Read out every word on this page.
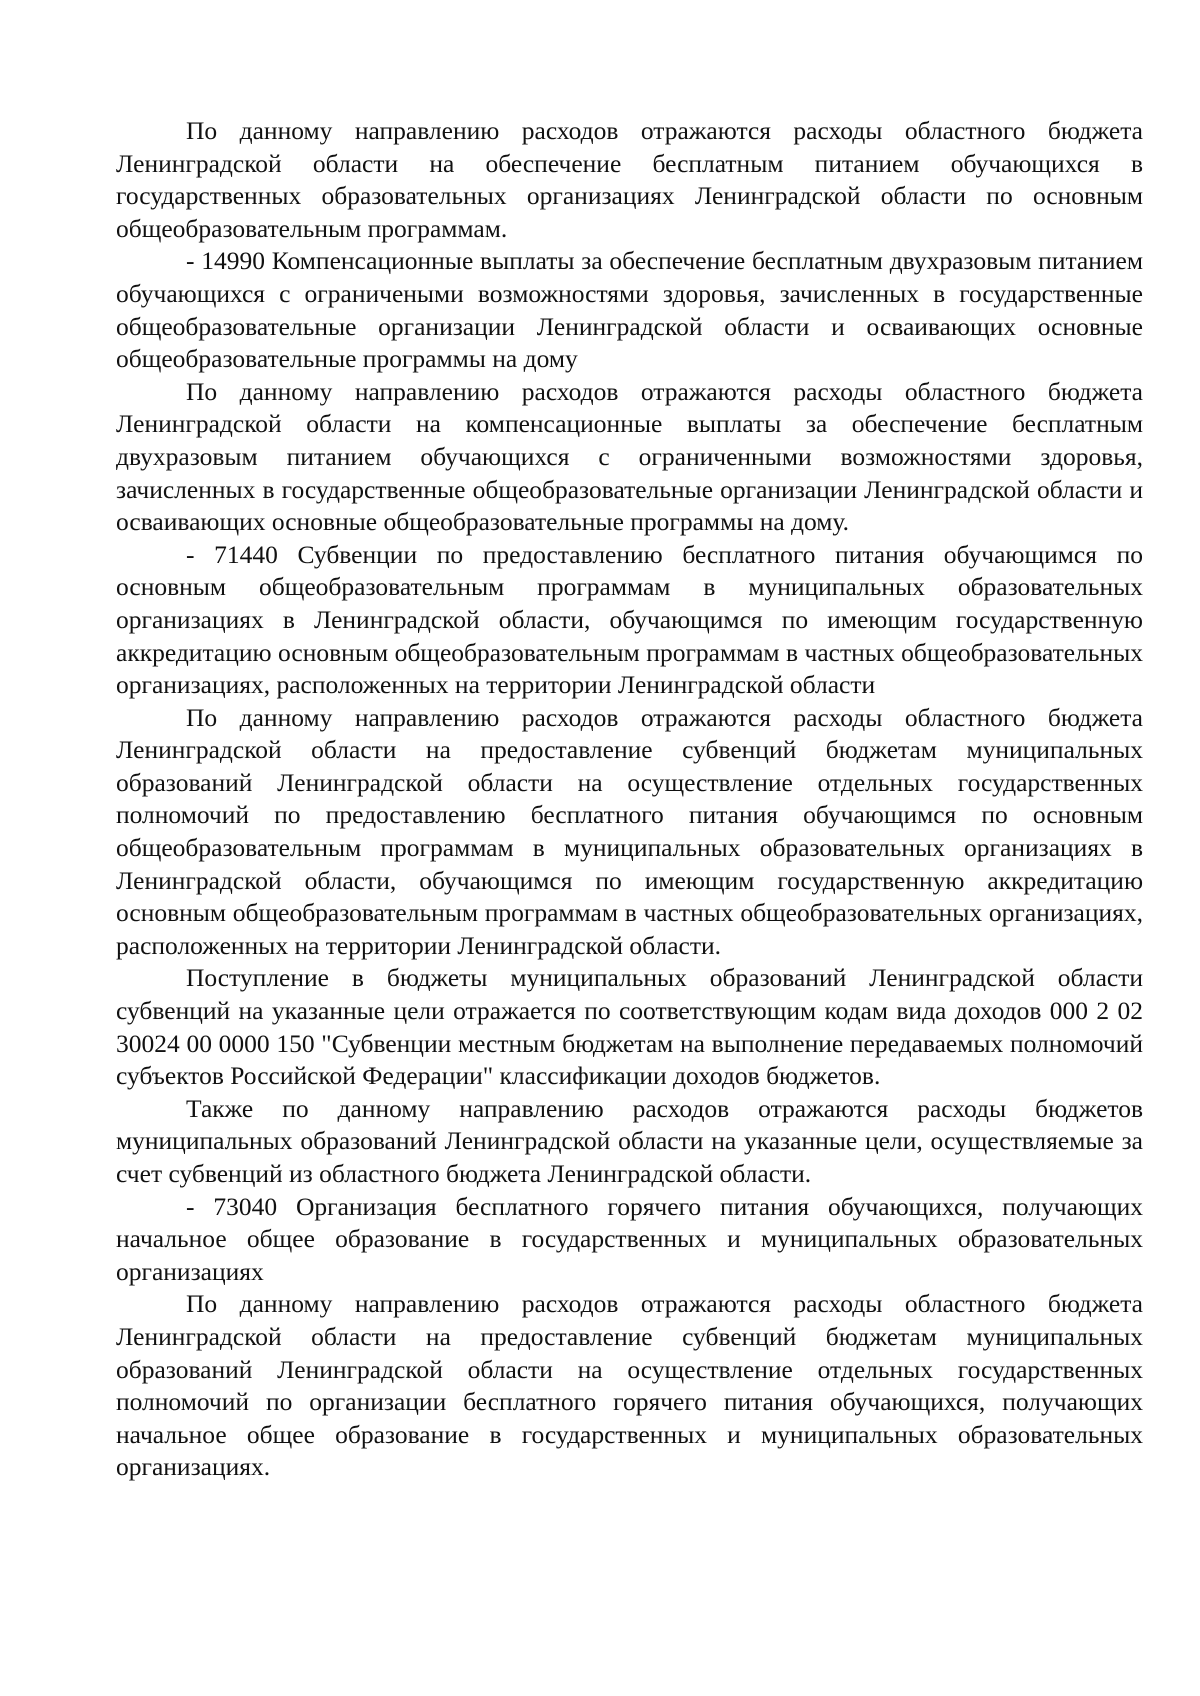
По данному направлению расходов отражаются расходы областного бюджета Ленинградской области на обеспечение бесплатным питанием обучающихся в государственных образовательных организациях Ленинградской области по основным общеобразовательным программам.

- 14990 Компенсационные выплаты за обеспечение бесплатным двухразовым питанием обучающихся с ограничеными возможностями здоровья, зачисленных в государственные общеобразовательные организации Ленинградской области и осваивающих основные общеобразовательные программы на дому

По данному направлению расходов отражаются расходы областного бюджета Ленинградской области на компенсационные выплаты за обеспечение бесплатным двухразовым питанием обучающихся с ограниченными возможностями здоровья, зачисленных в государственные общеобразовательные организации Ленинградской области и осваивающих основные общеобразовательные программы на дому.

- 71440 Субвенции по предоставлению бесплатного питания обучающимся по основным общеобразовательным программам в муниципальных образовательных организациях в Ленинградской области, обучающимся по имеющим государственную аккредитацию основным общеобразовательным программам в частных общеобразовательных организациях, расположенных на территории Ленинградской области

По данному направлению расходов отражаются расходы областного бюджета Ленинградской области на предоставление субвенций бюджетам муниципальных образований Ленинградской области на осуществление отдельных государственных полномочий по предоставлению бесплатного питания обучающимся по основным общеобразовательным программам в муниципальных образовательных организациях в Ленинградской области, обучающимся по имеющим государственную аккредитацию основным общеобразовательным программам в частных общеобразовательных организациях, расположенных на территории Ленинградской области.

Поступление в бюджеты муниципальных образований Ленинградской области субвенций на указанные цели отражается по соответствующим кодам вида доходов 000 2 02 30024 00 0000 150 "Субвенции местным бюджетам на выполнение передаваемых полномочий субъектов Российской Федерации" классификации доходов бюджетов.

Также по данному направлению расходов отражаются расходы бюджетов муниципальных образований Ленинградской области на указанные цели, осуществляемые за счет субвенций из областного бюджета Ленинградской области.

- 73040 Организация бесплатного горячего питания обучающихся, получающих начальное общее образование в государственных и муниципальных образовательных организациях

По данному направлению расходов отражаются расходы областного бюджета Ленинградской области на предоставление субвенций бюджетам муниципальных образований Ленинградской области на осуществление отдельных государственных полномочий по организации бесплатного горячего питания обучающихся, получающих начальное общее образование в государственных и муниципальных образовательных организациях.
